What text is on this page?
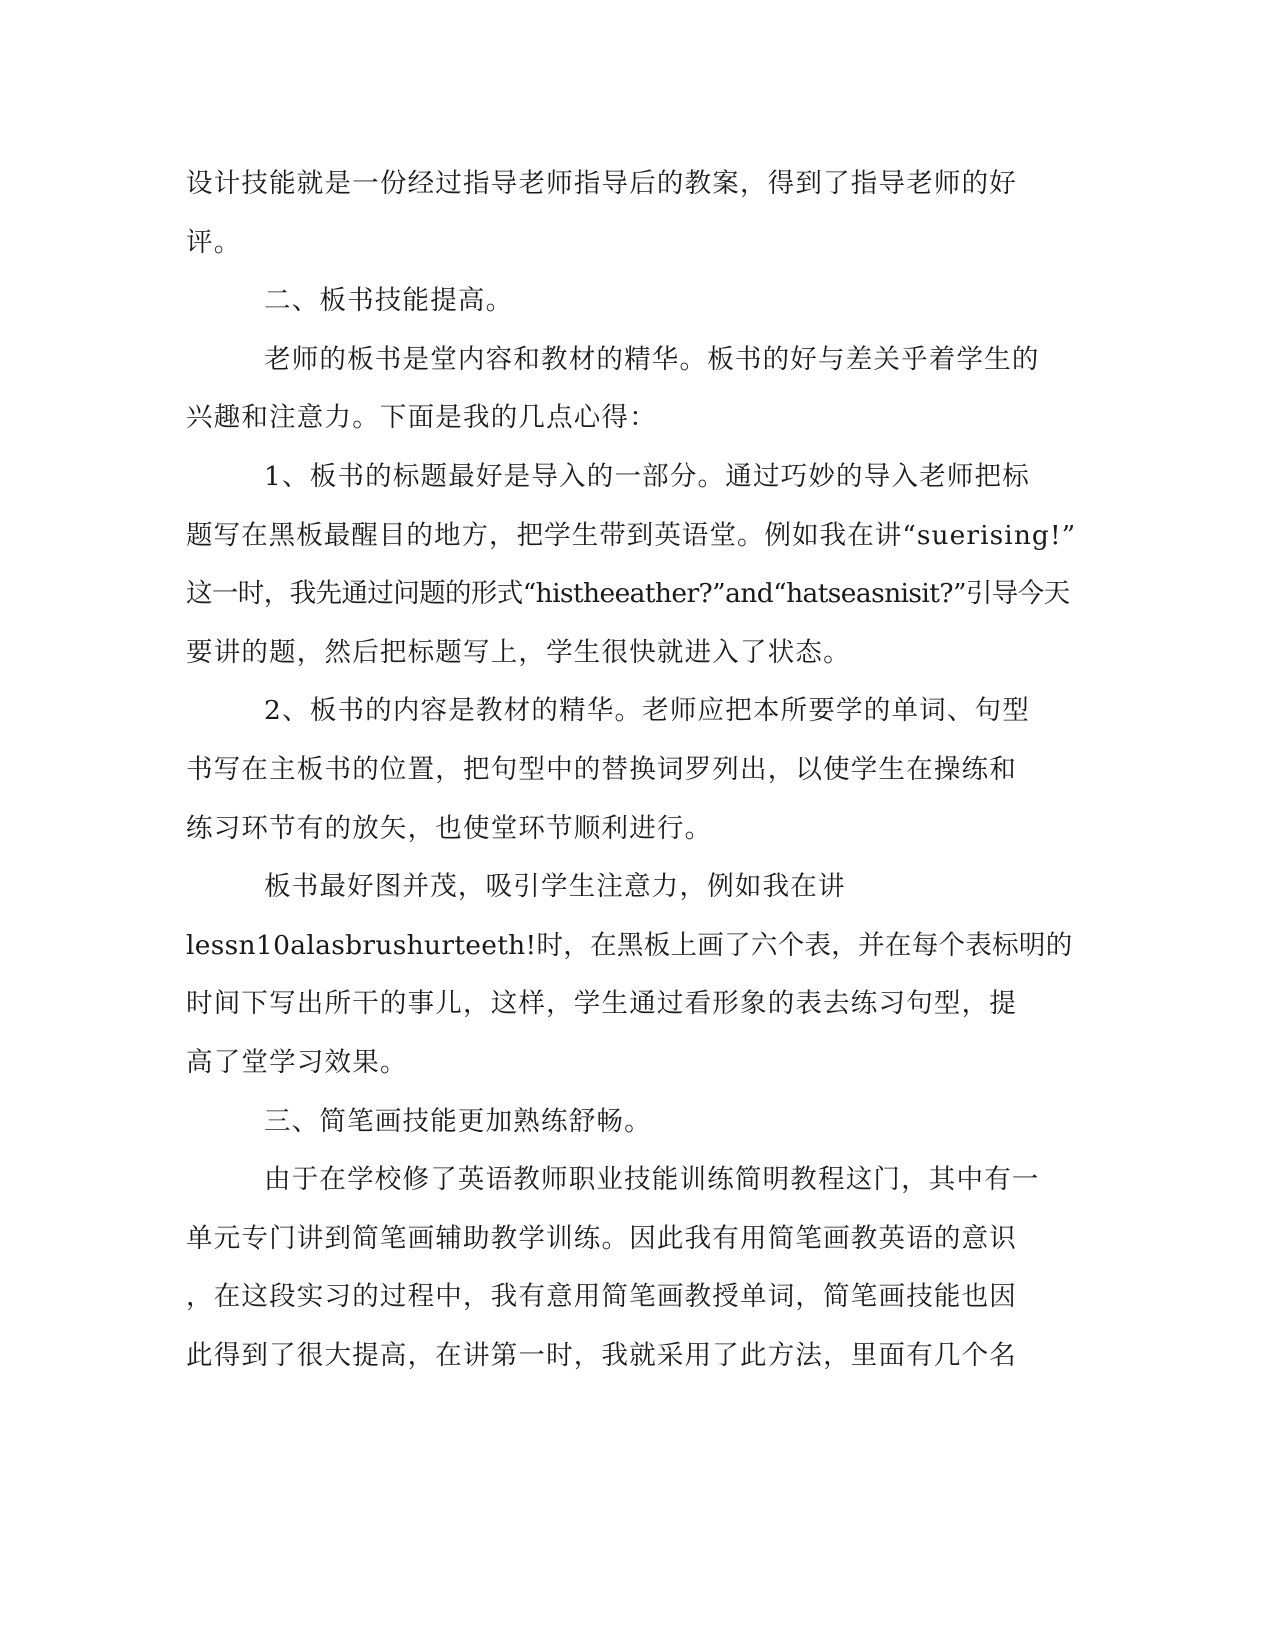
设计技能就是一份经过指导老师指导后的教案，得到了指导老师的好
评。
二、板书技能提高。
老师的板书是堂内容和教材的精华。板书的好与差关乎着学生的
兴趣和注意力。下面是我的几点心得：
1、板书的标题最好是导入的一部分。通过巧妙的导入老师把标
题写在黑板最醒目的地方，把学生带到英语堂。例如我在讲“suerising!”
这一时，我先通过问题的形式“histheeather?”and“hatseasnisit?”引导今天
要讲的题，然后把标题写上，学生很快就进入了状态。
2、板书的内容是教材的精华。老师应把本所要学的单词、句型
书写在主板书的位置，把句型中的替换词罗列出，以使学生在操练和
练习环节有的放矢，也使堂环节顺利进行。
板书最好图并茂，吸引学生注意力，例如我在讲
lessn10alasbrushurteeth!时，在黑板上画了六个表，并在每个表标明的
时间下写出所干的事儿，这样，学生通过看形象的表去练习句型，提
高了堂学习效果。
三、简笔画技能更加熟练舒畅。
由于在学校修了英语教师职业技能训练简明教程这门，其中有一
单元专门讲到简笔画辅助教学训练。因此我有用简笔画教英语的意识
，在这段实习的过程中，我有意用简笔画教授单词，简笔画技能也因
此得到了很大提高，在讲第一时，我就采用了此方法，里面有几个名
